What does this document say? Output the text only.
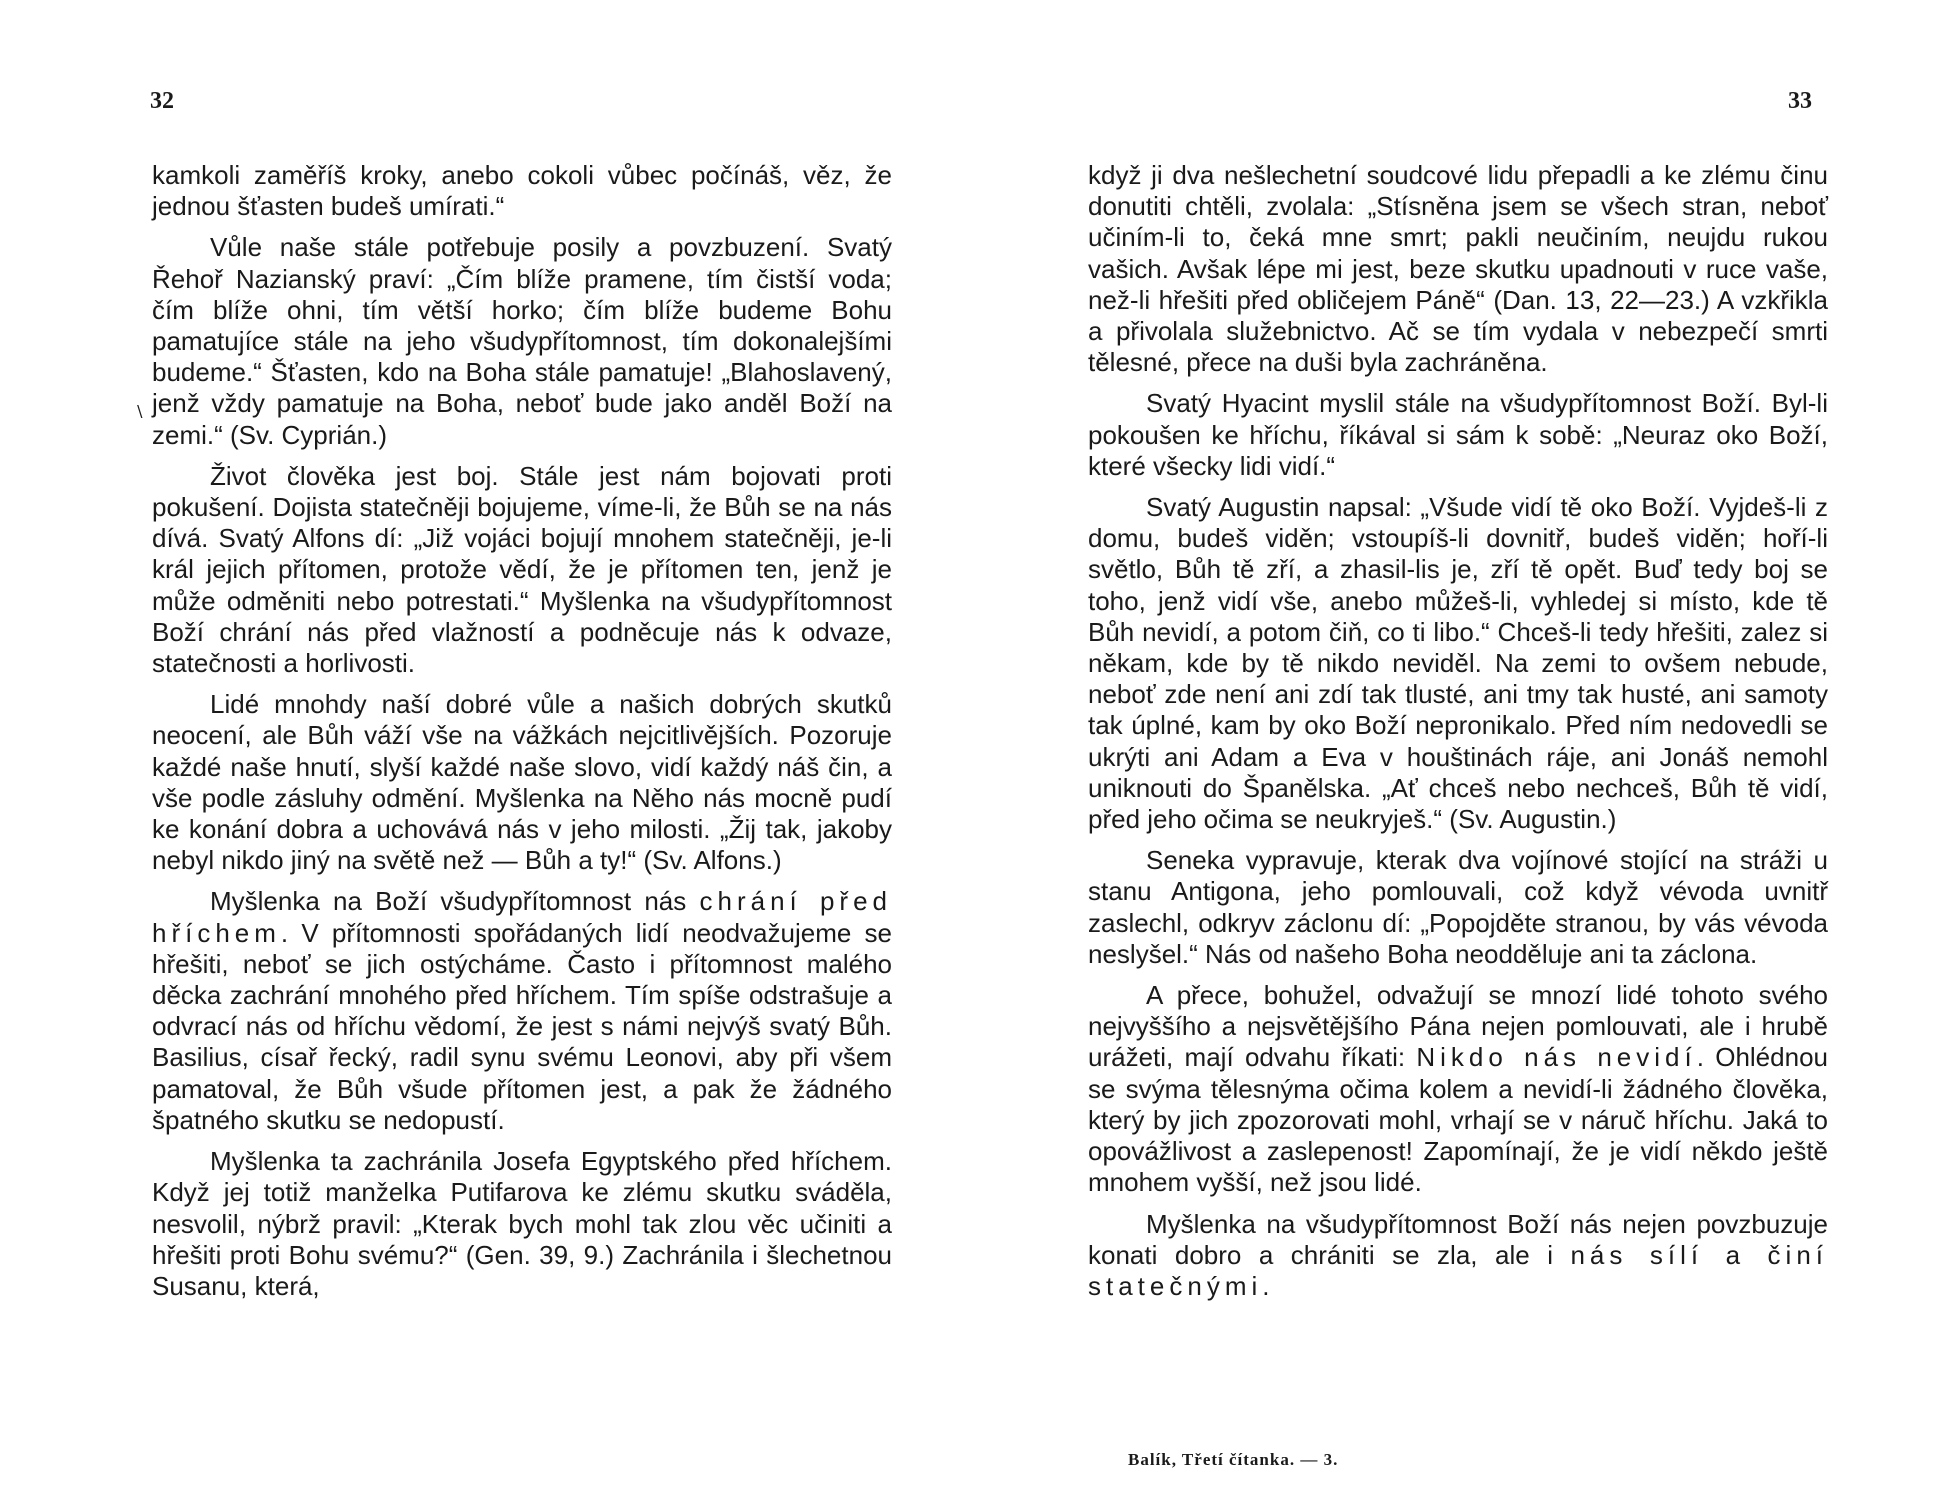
32
∖

kamkoli zaměříš kroky, anebo cokoli vůbec počínáš, věz, že jednou šťasten budeš umírati.“

Vůle naše stále potřebuje posily a povzbuzení. Svatý Řehoř Nazianský praví: „Čím blíže pramene, tím čistší voda; čím blíže ohni, tím větší horko; čím blíže budeme Bohu pamatujíce stále na jeho všudypřítomnost, tím dokonalejšími budeme.“ Šťasten, kdo na Boha stále pamatuje! „Blahoslavený, jenž vždy pamatuje na Boha, neboť bude jako anděl Boží na zemi.“ (Sv. Cyprián.)

Život člověka jest boj. Stále jest nám bojovati proti pokušení. Dojista statečněji bojujeme, víme-li, že Bůh se na nás dívá. Svatý Alfons dí: „Již vojáci bojují mnohem statečněji, je-li král jejich přítomen, protože vědí, že je přítomen ten, jenž je může odměniti nebo potrestati.“ Myšlenka na všudypřítomnost Boží chrání nás před vlažností a podněcuje nás k odvaze, statečnosti a horlivosti.

Lidé mnohdy naší dobré vůle a našich dobrých skutků neocení, ale Bůh váží vše na vážkách nejcitlivějších. Pozoruje každé naše hnutí, slyší každé naše slovo, vidí každý náš čin, a vše podle zásluhy odmění. Myšlenka na Něho nás mocně pudí ke konání dobra a uchovává nás v jeho milosti. „Žij tak, jakoby nebyl nikdo jiný na světě než — Bůh a ty!“ (Sv. Alfons.)

Myšlenka na Boží všudypřítomnost nás chrání před hříchem. V přítomnosti spořádaných lidí neodvažujeme se hřešiti, neboť se jich ostýcháme. Často i přítomnost malého děcka zachrání mnohého před hříchem. Tím spíše odstrašuje a odvrací nás od hříchu vědomí, že jest s námi nejvýš svatý Bůh. Basilius, císař řecký, radil synu svému Leonovi, aby při všem pamatoval, že Bůh všude přítomen jest, a pak že žádného špatného skutku se nedopustí.

Myšlenka ta zachránila Josefa Egyptského před hříchem. Když jej totiž manželka Putifarova ke zlému skutku sváděla, nesvolil, nýbrž pravil: „Kterak bych mohl tak zlou věc učiniti a hřešiti proti Bohu svému?“ (Gen. 39, 9.) Zachránila i šlechetnou Susanu, která,

33

když ji dva nešlechetní soudcové lidu přepadli a ke zlému činu donutiti chtěli, zvolala: „Stísněna jsem se všech stran, neboť učiním-li to, čeká mne smrt; pakli neučiním, neujdu rukou vašich. Avšak lépe mi jest, beze skutku upadnouti v ruce vaše, než-li hřešiti před obličejem Páně“ (Dan. 13, 22—23.) A vzkřikla a přivolala služebnictvo. Ač se tím vydala v nebezpečí smrti tělesné, přece na duši byla zachráněna.

Svatý Hyacint myslil stále na všudypřítomnost Boží. Byl-li pokoušen ke hříchu, říkával si sám k sobě: „Neuraz oko Boží, které všecky lidi vidí.“

Svatý Augustin napsal: „Všude vidí tě oko Boží. Vyjdeš-li z domu, budeš viděn; vstoupíš-li dovnitř, budeš viděn; hoří-li světlo, Bůh tě zří, a zhasil-lis je, zří tě opět. Buď tedy boj se toho, jenž vidí vše, anebo můžeš-li, vyhledej si místo, kde tě Bůh nevidí, a potom čiň, co ti libo.“ Chceš-li tedy hřešiti, zalez si někam, kde by tě nikdo neviděl. Na zemi to ovšem nebude, neboť zde není ani zdí tak tlusté, ani tmy tak husté, ani samoty tak úplné, kam by oko Boží nepronikalo. Před ním nedovedli se ukrýti ani Adam a Eva v houštinách ráje, ani Jonáš nemohl uniknouti do Španělska. „Ať chceš nebo nechceš, Bůh tě vidí, před jeho očima se neukryješ.“ (Sv. Augustin.)

Seneka vypravuje, kterak dva vojínové stojící na stráži u stanu Antigona, jeho pomlouvali, což když vévoda uvnitř zaslechl, odkryv záclonu dí: „Popojděte stranou, by vás vévoda neslyšel.“ Nás od našeho Boha neodděluje ani ta záclona.

A přece, bohužel, odvažují se mnozí lidé tohoto svého nejvyššího a nejsvětějšího Pána nejen pomlouvati, ale i hrubě urážeti, mají odvahu říkati: Nikdo nás nevidí. Ohlédnou se svýma tělesnýma očima kolem a nevidí-li žádného člověka, který by jich zpozorovati mohl, vrhají se v náruč hříchu. Jaká to opovážlivost a zaslepenost! Zapomínají, že je vidí někdo ještě mnohem vyšší, než jsou lidé.

Myšlenka na všudypřítomnost Boží nás nejen povzbuzuje konati dobro a chrániti se zla, ale i nás sílí a činí statečnými.

Balík, Třetí čítanka. — 3.
